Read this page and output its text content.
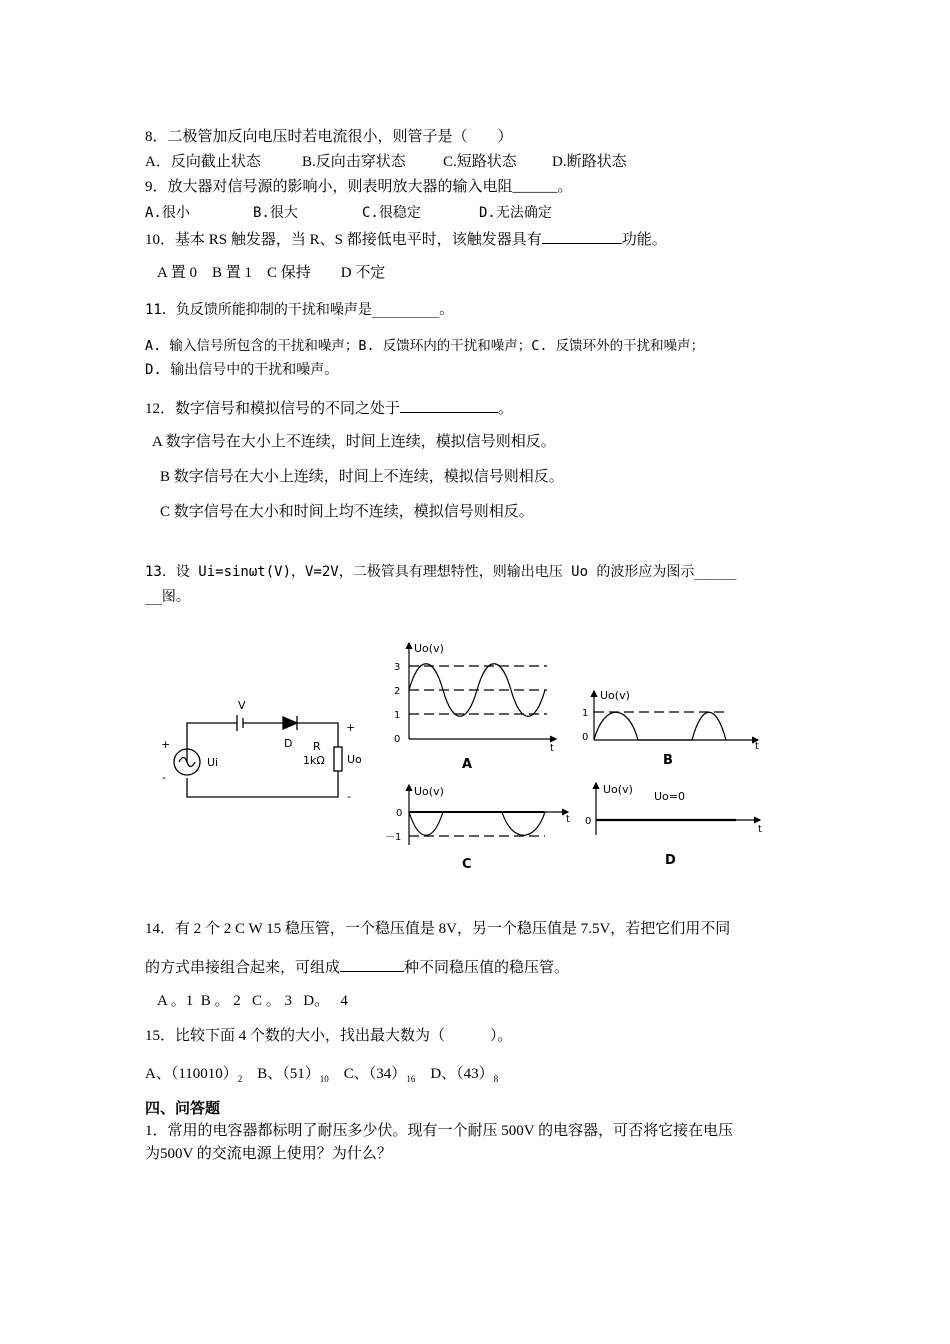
8．二极管加反向电压时若电流很小，则管子是（　　）
A．反向截止状态	B.反向击穿状态 C.短路状态 D.断路状态
9．放大器对信号源的影响小，则表明放大器的输入电阻______。
A.很小	B.很大	C.很稳定	D.无法确定
10．基本 RS 触发器，当 R、S 都接低电平时，该触发器具有	功能。
A 置 0　B 置 1　C 保持　　D 不定
11．负反馈所能抑制的干扰和噪声是________。
A. 输入信号所包含的干扰和噪声；B. 反馈环内的干扰和噪声；C. 反馈环外的干扰和噪声；
D. 输出信号中的干扰和噪声。
12．数字信号和模拟信号的不同之处于	。
A 数字信号在大小上不连续，时间上连续，模拟信号则相反。
B 数字信号在大小上连续，时间上不连续，模拟信号则相反。
C 数字信号在大小和时间上均不连续，模拟信号则相反。
13．设 Ui=sinωt(V)，V=2V，二极管具有理想特性，则输出电压 Uo 的波形应为图示_____
__图。
V
D R
1kΩ Uo
Ui
+
-
+
-
Uo(v)
3
2
1
0
t
A
Uo(v)
1
0
t
B
Uo(v)
0
－1
t
C
Uo(v)
Uo=0
0
t
D
14．有 2 个 2 C W 15 稳压管，一个稳压值是 8V，另一个稳压值是 7.5V，若把它们用不同
的方式串接组合起来，可组成	种不同稳压值的稳压管。
A 。1  B 。 2   C 。 3   D。   4
15．比较下面 4 个数的大小，找出最大数为（　　　）。
A、$(110010)_2$ B、$(51)_{10}$ C、$(34)_{16}$ D、$(43)_8$
四、问答题
1．常用的电容器都标明了耐压多少伏。现有一个耐压 500V 的电容器，可否将它接在电压
为500V 的交流电源上使用？为什么？
